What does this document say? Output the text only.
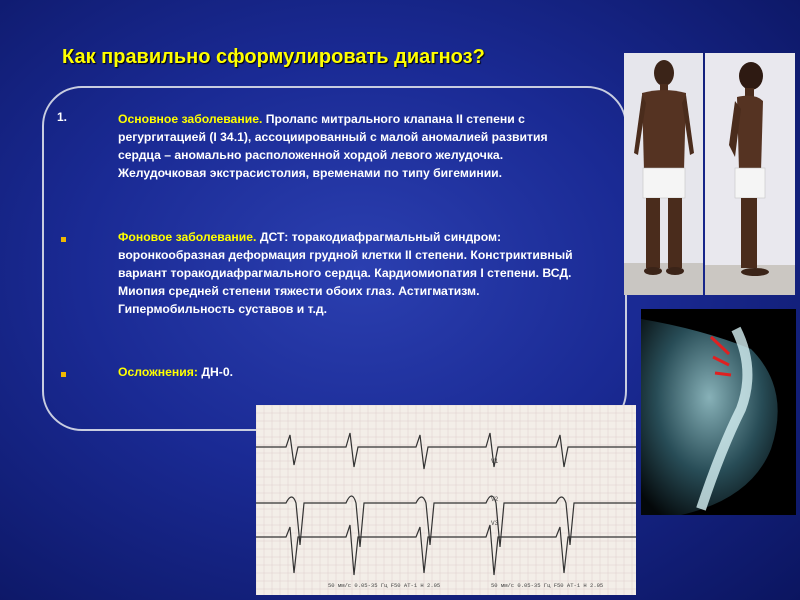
Как правильно сформулировать диагноз?
1.	Основное заболевание. Пролапс митрального клапана II степени с регургитацией (I 34.1), ассоциированный с малой аномалией развития сердца – аномально расположенной хордой левого желудочка. Желудочковая экстрасистолия, временами по типу бигеминии.
Фоновое заболевание. ДСТ: торакодиафрагмальный синдром: воронкообразная деформация грудной клетки II степени. Констриктивный вариант торакодиафрагмального сердца. Кардиомиопатия I степени. ВСД. Миопия средней степени тяжести обоих глаз. Астигматизм. Гипермобильность суставов и т.д.
Осложнения: ДН-0.
V1
V2
V3
50 мм/с 0.05-35 Гц F50 AT-1 H 2.05	50 мм/с 0.05-35 Гц F50 AT-1 H 2.05
